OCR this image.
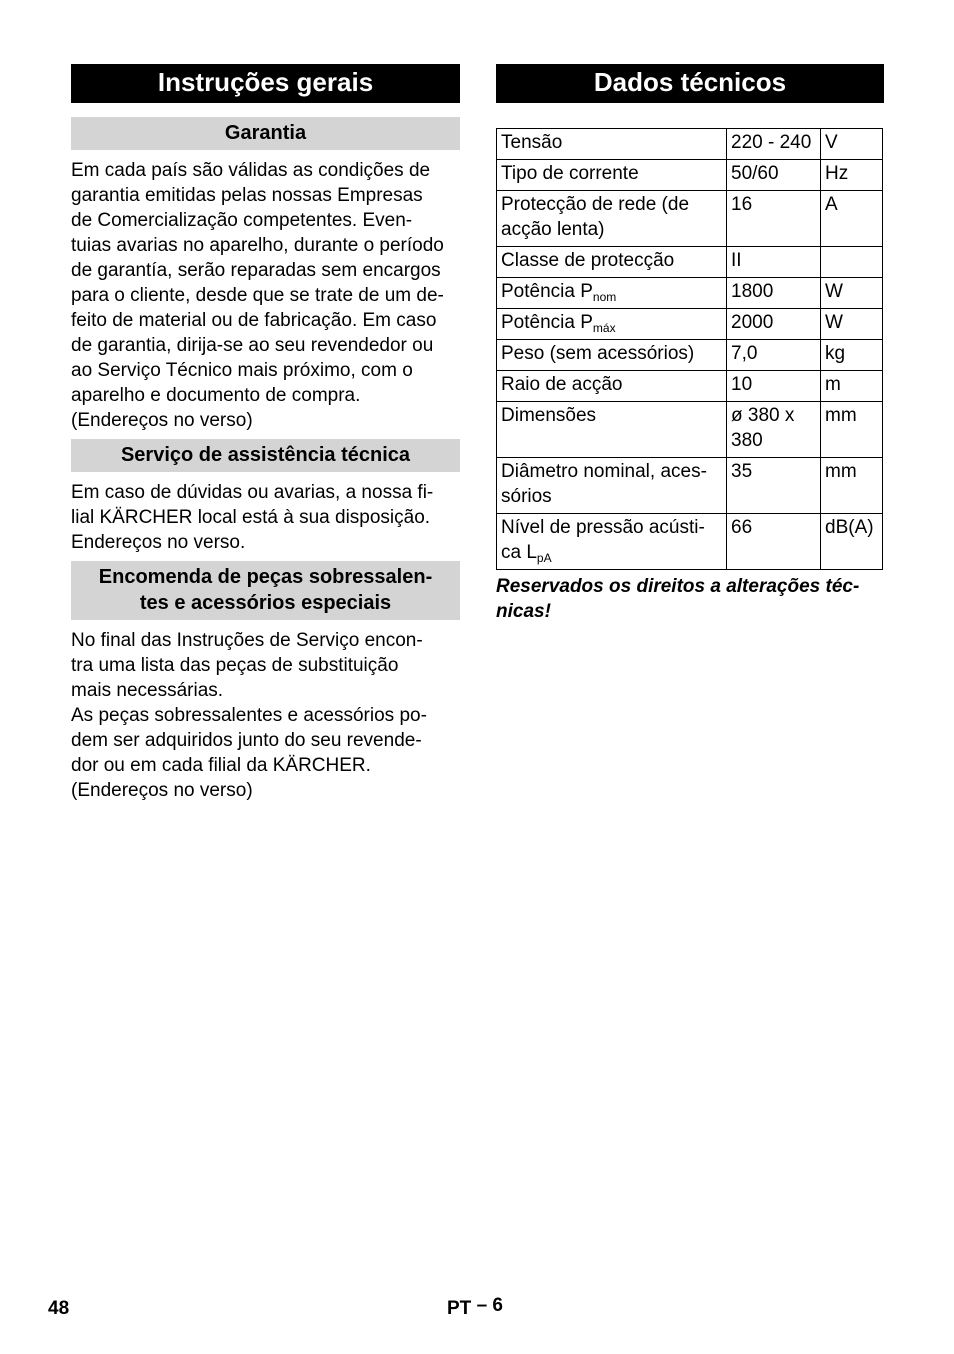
Instruções gerais
Garantia
Em cada país são válidas as condições de
garantia emitidas pelas nossas Empresas
de Comercialização competentes. Even-
tuias avarias no aparelho, durante o período
de garantía, serão reparadas sem encargos
para o cliente, desde que se trate de um de-
feito de material ou de fabricação. Em caso
de garantia, dirija-se ao seu revendedor ou
ao Serviço Técnico mais próximo, com o
aparelho e documento de compra.
(Endereços no verso)
Serviço de assistência técnica
Em caso de dúvidas ou avarias, a nossa fi-
lial KÄRCHER local está à sua disposição.
Endereços no verso.
Encomenda de peças sobressalen-
tes e acessórios especiais
No final das Instruções de Serviço encon-
tra uma lista das peças de substituição
mais necessárias.
As peças sobressalentes e acessórios po-
dem ser adquiridos junto do seu revende-
dor ou em cada filial da KÄRCHER.
(Endereços no verso)
Dados técnicos
Tensão	220 - 240	V

Tipo de corrente	50/60	Hz

Protecção de rede (de
acção lenta)	16	A

Classe de protecção	II	

Potência $P_{nom}$	1800	W

Potência $P_{máx}$	2000	W

Peso (sem acessórios)	7,0	kg

Raio de acção	10	m

Dimensões	ø 380 x
380	mm

Diâmetro nominal, aces-
sórios	35	mm

Nível de pressão acústi-
ca $L_{pA}$	66	dB(A)
Reservados os direitos a alterações téc-
nicas!
48	PT – 6
